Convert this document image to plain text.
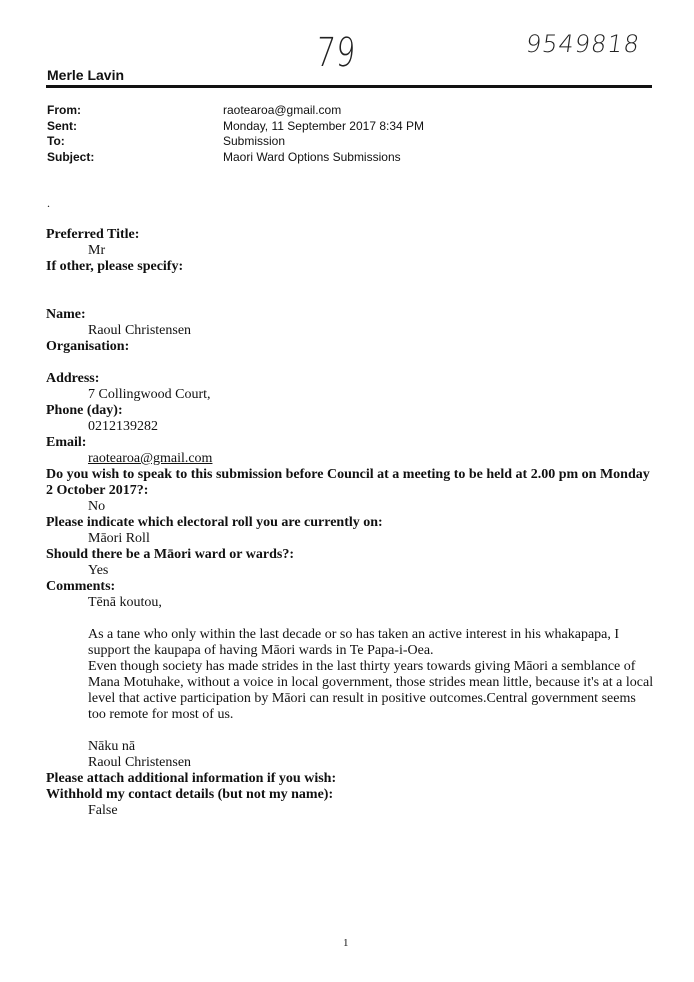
79	9549818
Merle Lavin
From:	raotearoa@gmail.com
Sent:	Monday, 11 September 2017 8:34 PM
To:	Submission
Subject:	Maori Ward Options Submissions
.
Preferred Title:
Mr
If other, please specify:
Name:
Raoul Christensen
Organisation:
Address:
7 Collingwood Court,
Phone (day):
0212139282
Email:
raotearoa@gmail.com
Do you wish to speak to this submission before Council at a meeting to be held at 2.00 pm on Monday
2 October 2017?:
No
Please indicate which electoral roll you are currently on:
Māori Roll
Should there be a Māori ward or wards?:
Yes
Comments:
Tēnā koutou,
As a tane who only within the last decade or so has taken an active interest in his whakapapa, I support the kaupapa of having Māori wards in Te Papa-i-Oea.
Even though society has made strides in the last thirty years towards giving Māori a semblance of Mana Motuhake, without a voice in local government, those strides mean little, because it's at a local level that active participation by Māori can result in positive outcomes.Central government seems too remote for most of us.
Nāku nā
Raoul Christensen
Please attach additional information if you wish:
Withhold my contact details (but not my name):
False
1
